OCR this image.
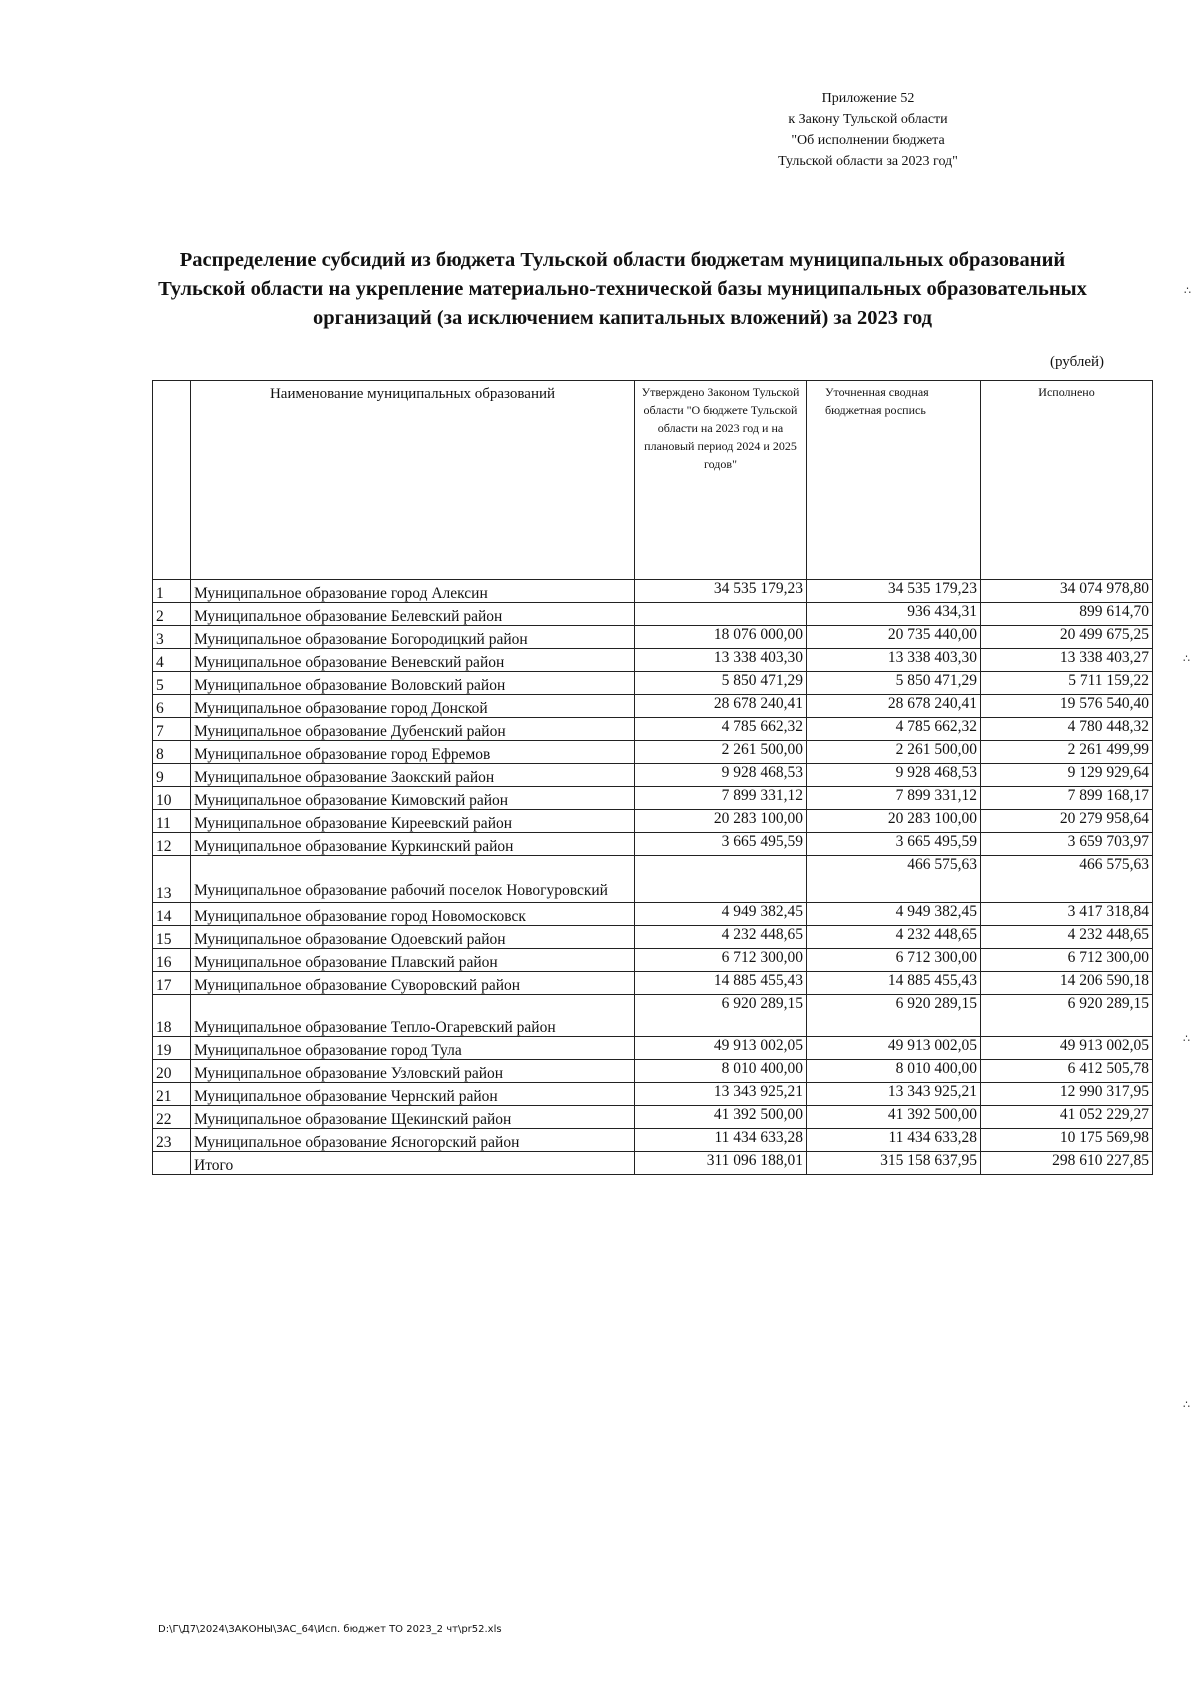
Приложение 52
к Закону Тульской области
"Об исполнении бюджета
Тульской области за 2023 год"
Распределение субсидий из бюджета Тульской области бюджетам муниципальных образований
Тульской области на укрепление материально-технической базы муниципальных образовательных
организаций (за исключением капитальных вложений) за 2023 год
(рублей)
	Наименование муниципальных образований	Утверждено Законом Тульской области "О бюджете Тульской области на 2023 год и на плановый период 2024 и 2025 годов"	Уточненная сводная бюджетная роспись	Исполнено
1	Муниципальное образование город Алексин	34 535 179,23	34 535 179,23	34 074 978,80
2	Муниципальное образование Белевский район		936 434,31	899 614,70
3	Муниципальное образование Богородицкий район	18 076 000,00	20 735 440,00	20 499 675,25
4	Муниципальное образование Веневский район	13 338 403,30	13 338 403,30	13 338 403,27
5	Муниципальное образование Воловский район	5 850 471,29	5 850 471,29	5 711 159,22
6	Муниципальное образование город Донской	28 678 240,41	28 678 240,41	19 576 540,40
7	Муниципальное образование Дубенский район	4 785 662,32	4 785 662,32	4 780 448,32
8	Муниципальное образование город Ефремов	2 261 500,00	2 261 500,00	2 261 499,99
9	Муниципальное образование Заокский район	9 928 468,53	9 928 468,53	9 129 929,64
10	Муниципальное образование Кимовский район	7 899 331,12	7 899 331,12	7 899 168,17
11	Муниципальное образование Киреевский район	20 283 100,00	20 283 100,00	20 279 958,64
12	Муниципальное образование Куркинский район	3 665 495,59	3 665 495,59	3 659 703,97
13	Муниципальное образование рабочий поселок Новогуровский		466 575,63	466 575,63
14	Муниципальное образование город Новомосковск	4 949 382,45	4 949 382,45	3 417 318,84
15	Муниципальное образование Одоевский район	4 232 448,65	4 232 448,65	4 232 448,65
16	Муниципальное образование Плавский район	6 712 300,00	6 712 300,00	6 712 300,00
17	Муниципальное образование Суворовский район	14 885 455,43	14 885 455,43	14 206 590,18
18	Муниципальное образование Тепло-Огаревский район	6 920 289,15	6 920 289,15	6 920 289,15
19	Муниципальное образование город Тула	49 913 002,05	49 913 002,05	49 913 002,05
20	Муниципальное образование Узловский район	8 010 400,00	8 010 400,00	6 412 505,78
21	Муниципальное образование Чернский район	13 343 925,21	13 343 925,21	12 990 317,95
22	Муниципальное образование Щекинский район	41 392 500,00	41 392 500,00	41 052 229,27
23	Муниципальное образование Ясногорский район	11 434 633,28	11 434 633,28	10 175 569,98
	Итого	311 096 188,01	315 158 637,95	298 610 227,85
D:\Г\Д7\2024\ЗАКОНЫ\ЗАС_64\Исп. бюджет ТО 2023_2 чт\pr52.xls
∴
∴
∴
∴
